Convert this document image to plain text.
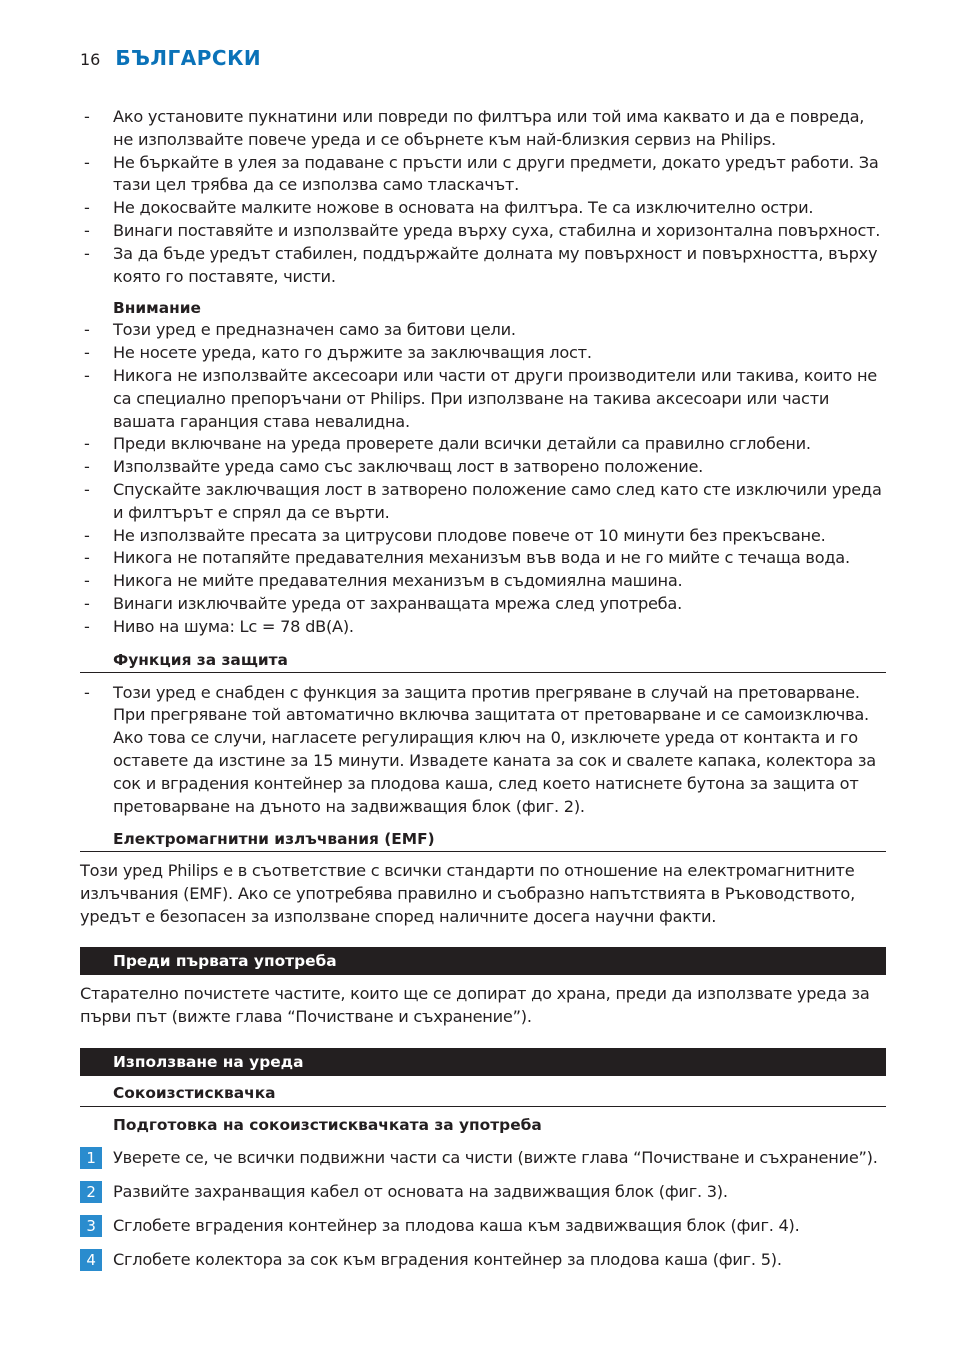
16 БЪЛГАРСКИ
- Ако установите пукнатини или повреди по филтъра или той има каквато и да е повреда, не използвайте повече уреда и се обърнете към най-близкия сервиз на Philips.
- Не бъркайте в улея за подаване с пръсти или с други предмети, докато уредът работи. За тази цел трябва да се използва само тласкачът.
- Не докосвайте малките ножове в основата на филтъра. Те са изключително остри.
- Винаги поставяйте и използвайте уреда върху суха, стабилна и хоризонтална повърхност.
- За да бъде уредът стабилен, поддържайте долната му повърхност и повърхността, върху която го поставяте, чисти.
Внимание
- Този уред е предназначен само за битови цели.
- Не носете уреда, като го държите за заключващия лост.
- Никога не използвайте аксесоари или части от други производители или такива, които не са специално препоръчани от Philips. При използване на такива аксесоари или части вашата гаранция става невалидна.
- Преди включване на уреда проверете дали всички детайли са правилно сглобени.
- Използвайте уреда само със заключващ лост в затворено положение.
- Спускайте заключващия лост в затворено положение само след като сте изключили уреда и филтърът е спрял да се върти.
- Не използвайте пресата за цитрусови плодове повече от 10 минути без прекъсване.
- Никога не потапяйте предавателния механизъм във вода и не го мийте с течаща вода.
- Никога не мийте предавателния механизъм в съдомиялна машина.
- Винаги изключвайте уреда от захранващата мрежа след употреба.
- Ниво на шума: Lc = 78 dB(A).
Функция за защита
- Този уред е снабден с функция за защита против прегряване в случай на претоварване. При прегряване той автоматично включва защитата от претоварване и се самоизключва. Ако това се случи, нагласете регулиращия ключ на 0, изключете уреда от контакта и го оставете да изстине за 15 минути. Извадете каната за сок и свалете капака, колектора за сок и вградения контейнер за плодова каша, след което натиснете бутона за защита от претоварване на дъното на задвижващия блок (фиг. 2).
Електромагнитни излъчвания (EMF)
Този уред Philips е в съответствие с всички стандарти по отношение на електромагнитните излъчвания (EMF). Ако се употребява правилно и съобразно напътствията в Ръководството, уредът е безопасен за използване според наличните досега научни факти.
Преди първата употреба
Старателно почистете частите, които ще се допират до храна, преди да използвате уреда за първи път (вижте глава “Почистване и съхранение”).
Използване на уреда
Сокоизстисквачка
Подготовка на сокоизстисквачката за употреба
1	Уверете се, че всички подвижни части са чисти (вижте глава “Почистване и съхранение”).
2	Развийте захранващия кабел от основата на задвижващия блок (фиг. 3).
3	Сглобете вградения контейнер за плодова каша към задвижващия блок (фиг. 4).
4	Сглобете колектора за сок към вградения контейнер за плодова каша (фиг. 5).
